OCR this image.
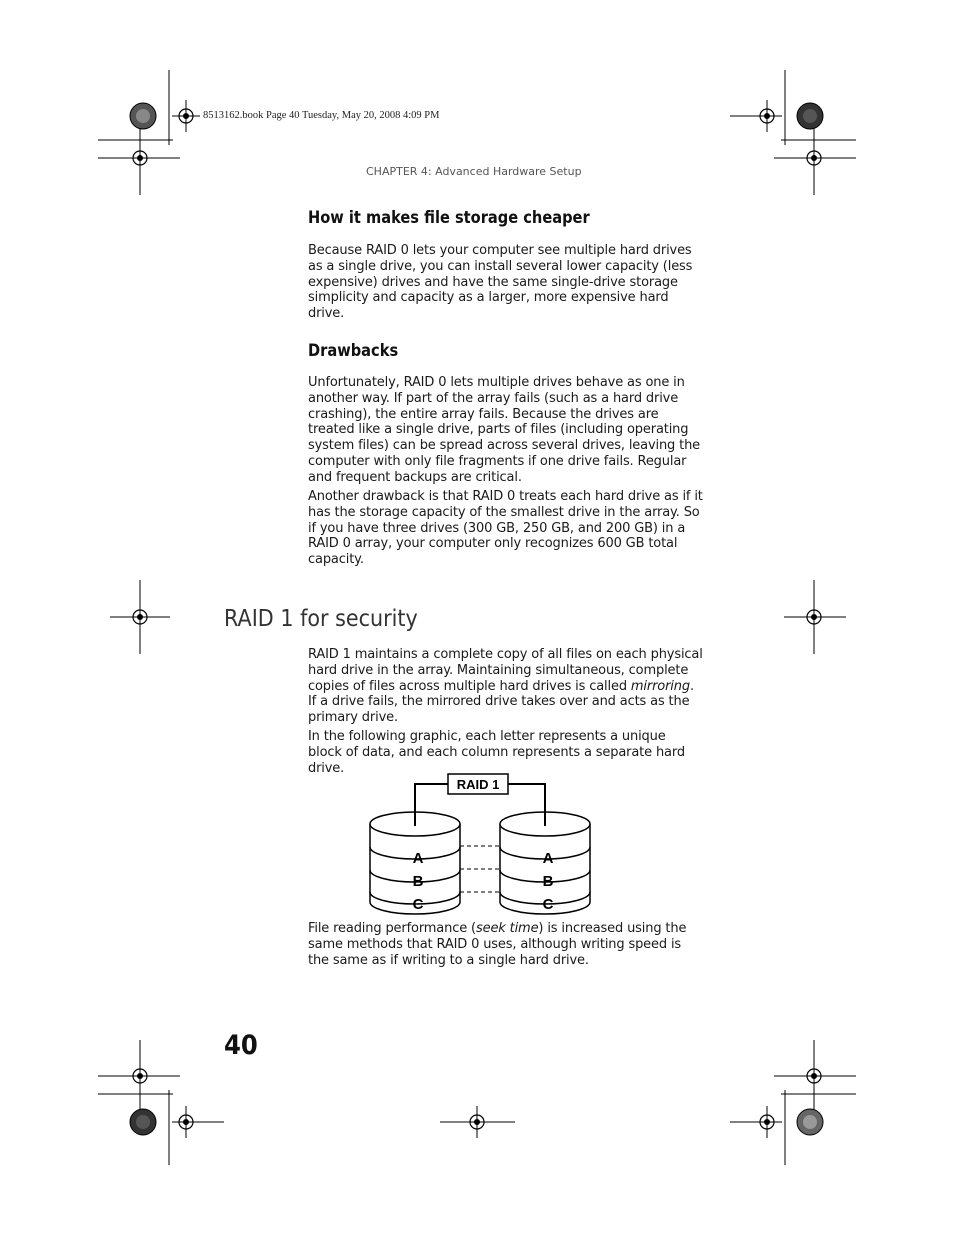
8513162.book Page 40 Tuesday, May 20, 2008 4:09 PM
CHAPTER 4: Advanced Hardware Setup
How it makes file storage cheaper

Because RAID 0 lets your computer see multiple hard drives as a single drive, you can install several lower capacity (less expensive) drives and have the same single-drive storage simplicity and capacity as a larger, more expensive hard drive.

Drawbacks

Unfortunately, RAID 0 lets multiple drives behave as one in another way. If part of the array fails (such as a hard drive crashing), the entire array fails. Because the drives are treated like a single drive, parts of files (including operating system files) can be spread across several drives, leaving the computer with only file fragments if one drive fails. Regular and frequent backups are critical.

Another drawback is that RAID 0 treats each hard drive as if it has the storage capacity of the smallest drive in the array. So if you have three drives (300 GB, 250 GB, and 200 GB) in a RAID 0 array, your computer only recognizes 600 GB total capacity.

RAID 1 for security

RAID 1 maintains a complete copy of all files on each physical hard drive in the array. Maintaining simultaneous, complete copies of files across multiple hard drives is called mirroring. If a drive fails, the mirrored drive takes over and acts as the primary drive.

In the following graphic, each letter represents a unique block of data, and each column represents a separate hard drive.

RAID 1
A
B
C
A
B
C

File reading performance (seek time) is increased using the same methods that RAID 0 uses, although writing speed is the same as if writing to a single hard drive.

40
